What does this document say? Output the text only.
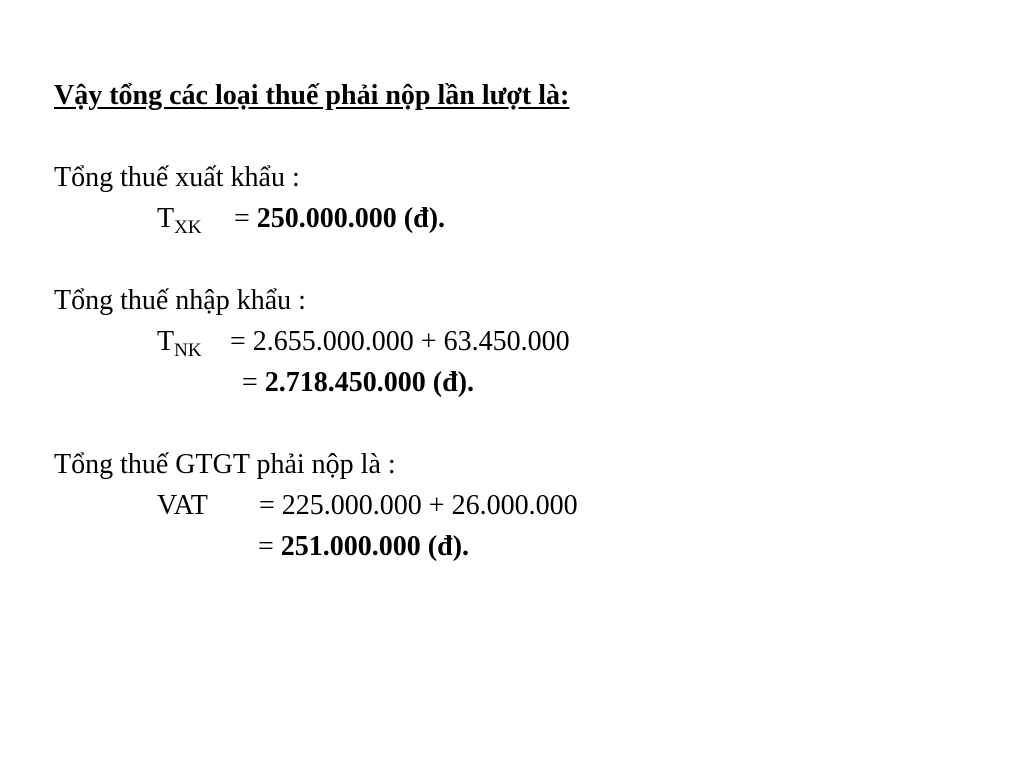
Vậy tổng các loại thuế phải nộp lần lượt là:
Tổng thuế xuất khẩu :
$T_{XK} = 250.000.000$ (đ).
Tổng thuế nhập khẩu :
$T_{NK} = 2.655.000.000 + 63.450.000$
= 2.718.450.000 (đ).
Tổng thuế GTGT phải nộp là :
VAT = 225.000.000 + 26.000.000
= 251.000.000 (đ).
